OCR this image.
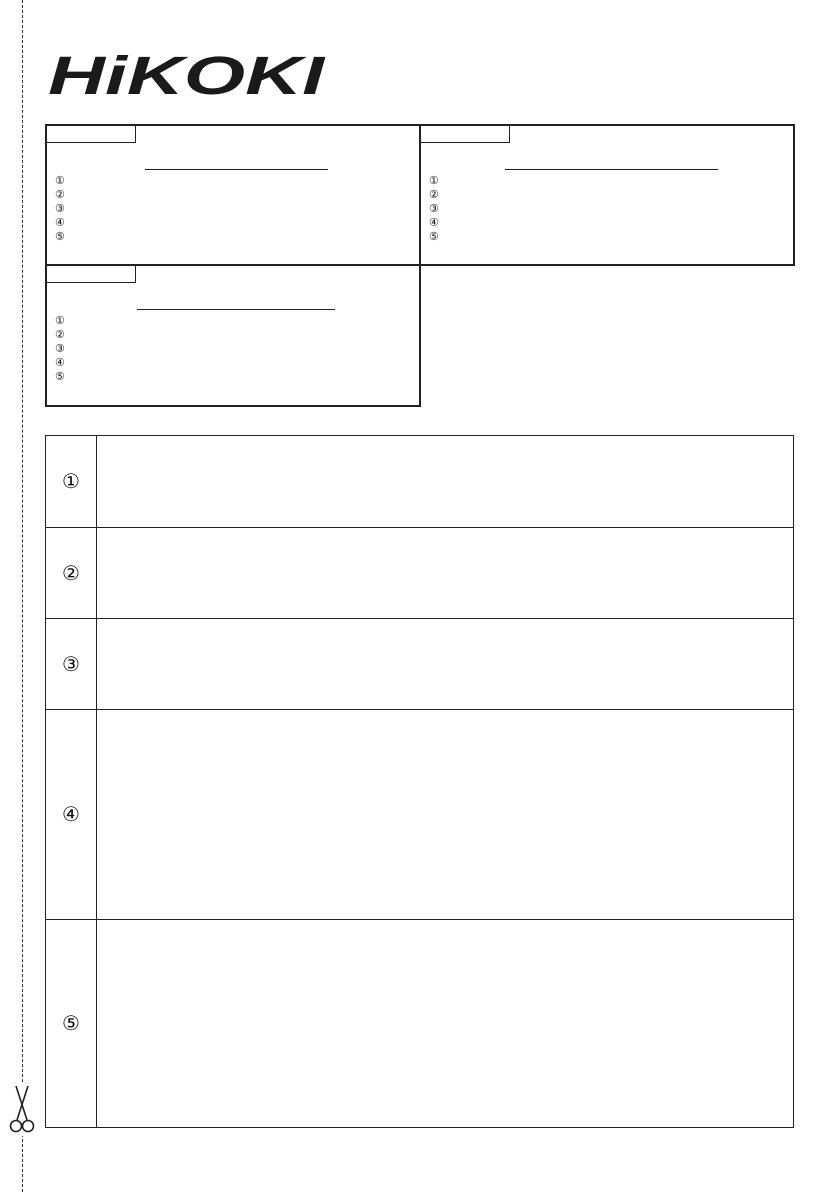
HiKOKI
①
②
③
④
⑤
①
②
③
④
⑤
①
②
③
④
⑤
①
②
③
④
⑤
